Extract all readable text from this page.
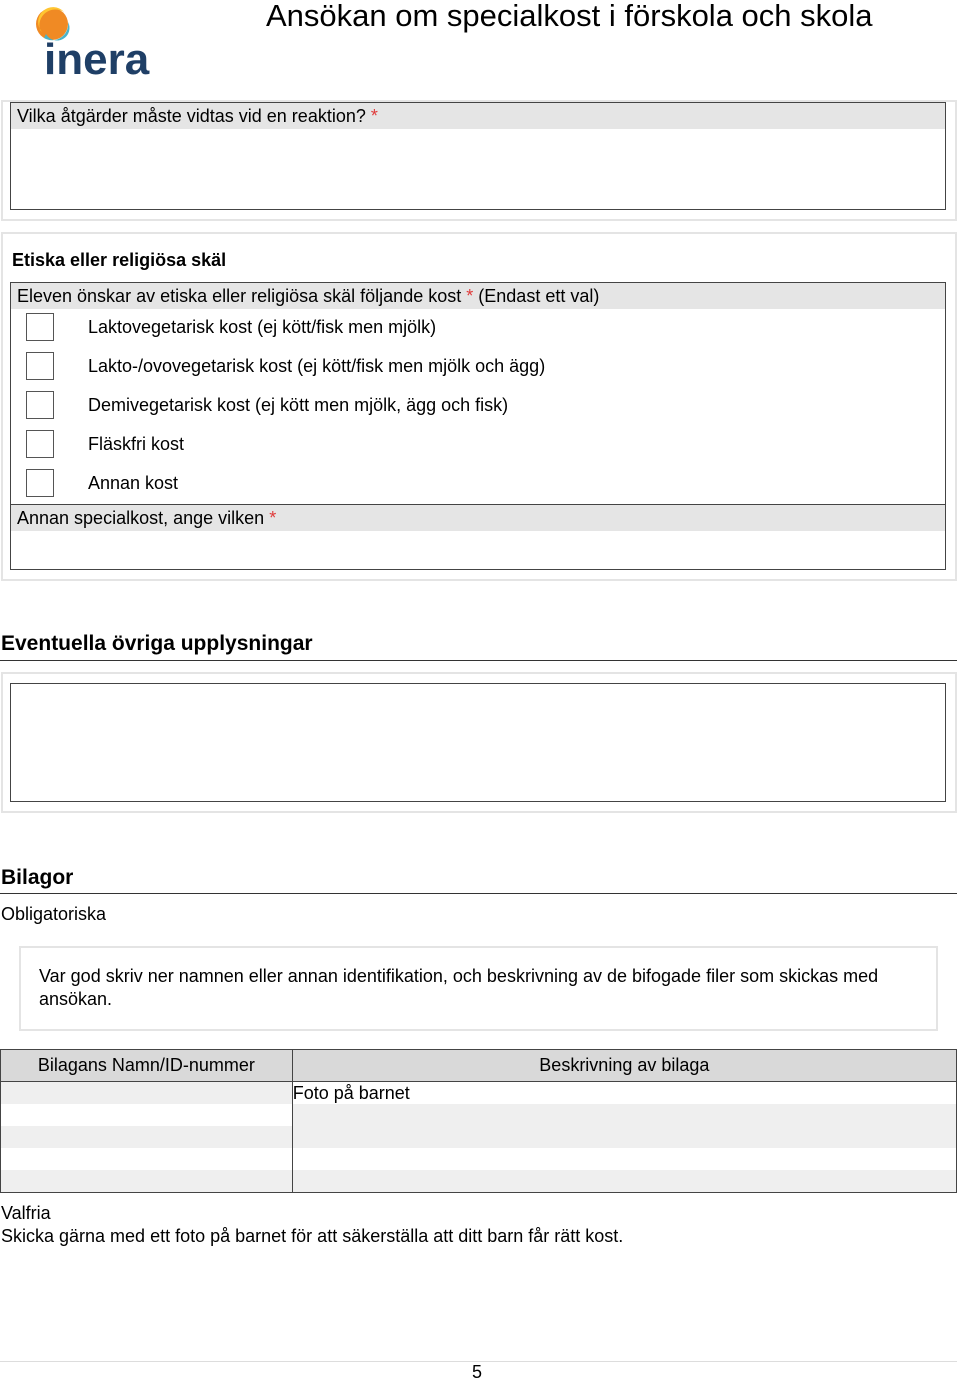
inera
Ansökan om specialkost i förskola och skola
Vilka åtgärder måste vidtas vid en reaktion? *
Etiska eller religiösa skäl
Eleven önskar av etiska eller religiösa skäl följande kost * (Endast ett val)
Laktovegetarisk kost (ej kött/fisk men mjölk)
Lakto-/ovovegetarisk kost (ej kött/fisk men mjölk och ägg)
Demivegetarisk kost (ej kött men mjölk, ägg och fisk)
Fläskfri kost
Annan kost
Annan specialkost, ange vilken *
Eventuella övriga upplysningar
Bilagor
Obligatoriska
Var god skriv ner namnen eller annan identifikation, och beskrivning av de bifogade filer som skickas med ansökan.
Bilagans Namn/ID-nummer	Beskrivning av bilaga
	Foto på barnet

Valfria
Skicka gärna med ett foto på barnet för att säkerställa att ditt barn får rätt kost.
5
